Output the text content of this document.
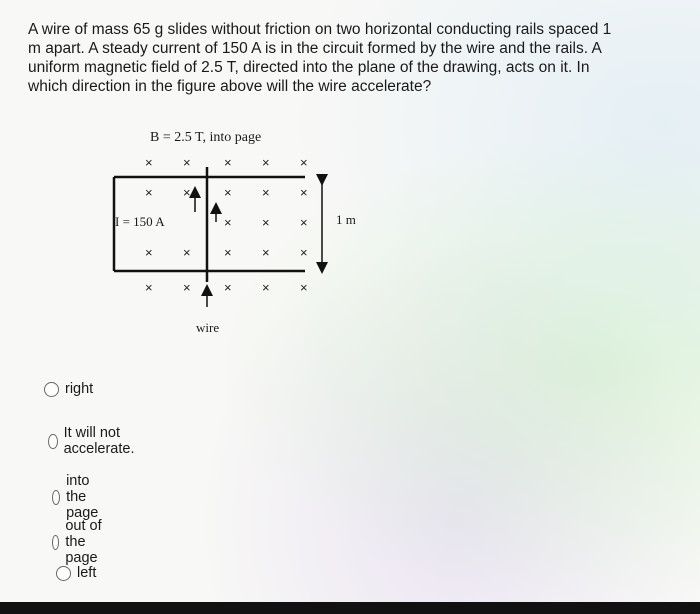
A wire of mass 65 g slides without friction on two horizontal conducting rails spaced 1 m apart. A steady current of 150 A is in the circuit formed by the wire and the rails. A uniform magnetic field of 2.5 T, directed into the plane of the drawing, acts on it. In which direction in the figure above will the wire accelerate?

B = 2.5 T, into page
I = 150 A	1 m
wire
× ×	× × ×
× ×	× × ×
× × ×
× ×	× × ×
× ×	× × ×
right
It will not accelerate.
into the page
out of the page
left
